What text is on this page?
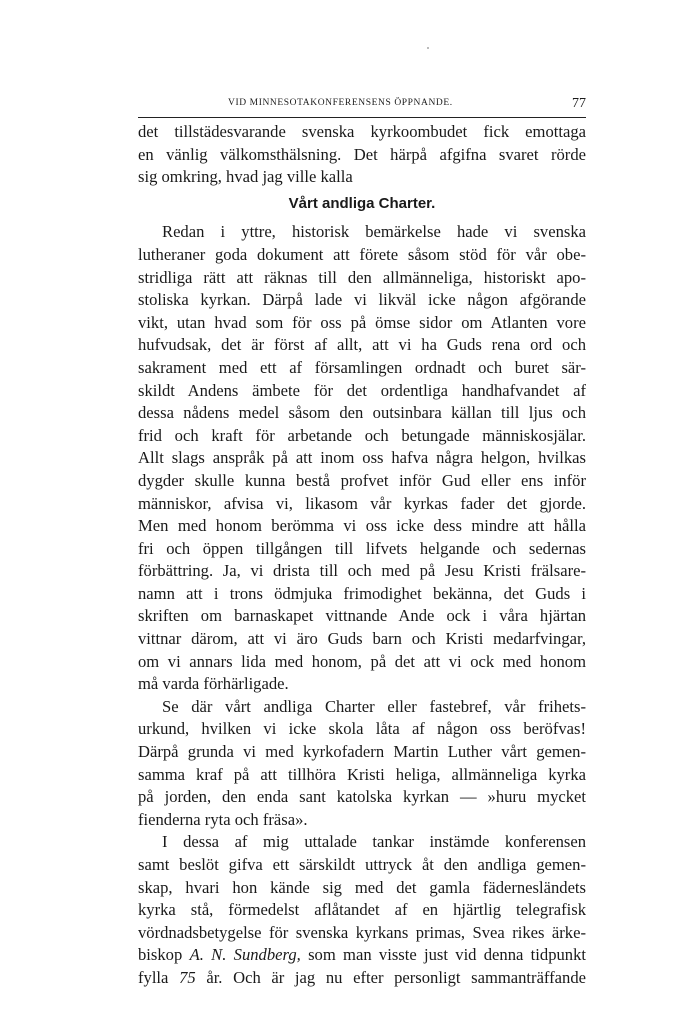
VID MINNESOTAKONFERENSENS ÖPPNANDE.	77
det tillstädesvarande svenska kyrkoombudet fick emottaga
en vänlig välkomsthälsning. Det härpå afgifna svaret rörde
sig omkring, hvad jag ville kalla
Vårt andliga Charter.
Redan i yttre, historisk bemärkelse hade vi svenska
lutheraner goda dokument att förete såsom stöd för vår obe-
stridliga rätt att räknas till den allmänneliga, historiskt apo-
stoliska kyrkan. Därpå lade vi likväl icke någon afgörande
vikt, utan hvad som för oss på ömse sidor om Atlanten vore
hufvudsak, det är först af allt, att vi ha Guds rena ord och
sakrament med ett af församlingen ordnadt och buret sär-
skildt Andens ämbete för det ordentliga handhafvandet af
dessa nådens medel såsom den outsinbara källan till ljus och
frid och kraft för arbetande och betungade människosjälar.
Allt slags anspråk på att inom oss hafva några helgon, hvilkas
dygder skulle kunna bestå profvet inför Gud eller ens inför
människor, afvisa vi, likasom vår kyrkas fader det gjorde.
Men med honom berömma vi oss icke dess mindre att hålla
fri och öppen tillgången till lifvets helgande och sedernas
förbättring. Ja, vi drista till och med på Jesu Kristi frälsare-
namn att i trons ödmjuka frimodighet bekänna, det Guds i
skriften om barnaskapet vittnande Ande ock i våra hjärtan
vittnar därom, att vi äro Guds barn och Kristi medarfvingar,
om vi annars lida med honom, på det att vi ock med honom
må varda förhärligade.
Se där vårt andliga Charter eller fastebref, vår frihets-
urkund, hvilken vi icke skola låta af någon oss beröfvas!
Därpå grunda vi med kyrkofadern Martin Luther vårt gemen-
samma kraf på att tillhöra Kristi heliga, allmänneliga kyrka
på jorden, den enda sant katolska kyrkan — »huru mycket
fienderna ryta och fräsa».
I dessa af mig uttalade tankar instämde konferensen
samt beslöt gifva ett särskildt uttryck åt den andliga gemen-
skap, hvari hon kände sig med det gamla fädernesländets
kyrka stå, förmedelst aflåtandet af en hjärtlig telegrafisk
vördnadsbetygelse för svenska kyrkans primas, Svea rikes ärke-
biskop A. N. Sundberg, som man visste just vid denna tidpunkt
fylla 75 år. Och är jag nu efter personligt sammanträffande
